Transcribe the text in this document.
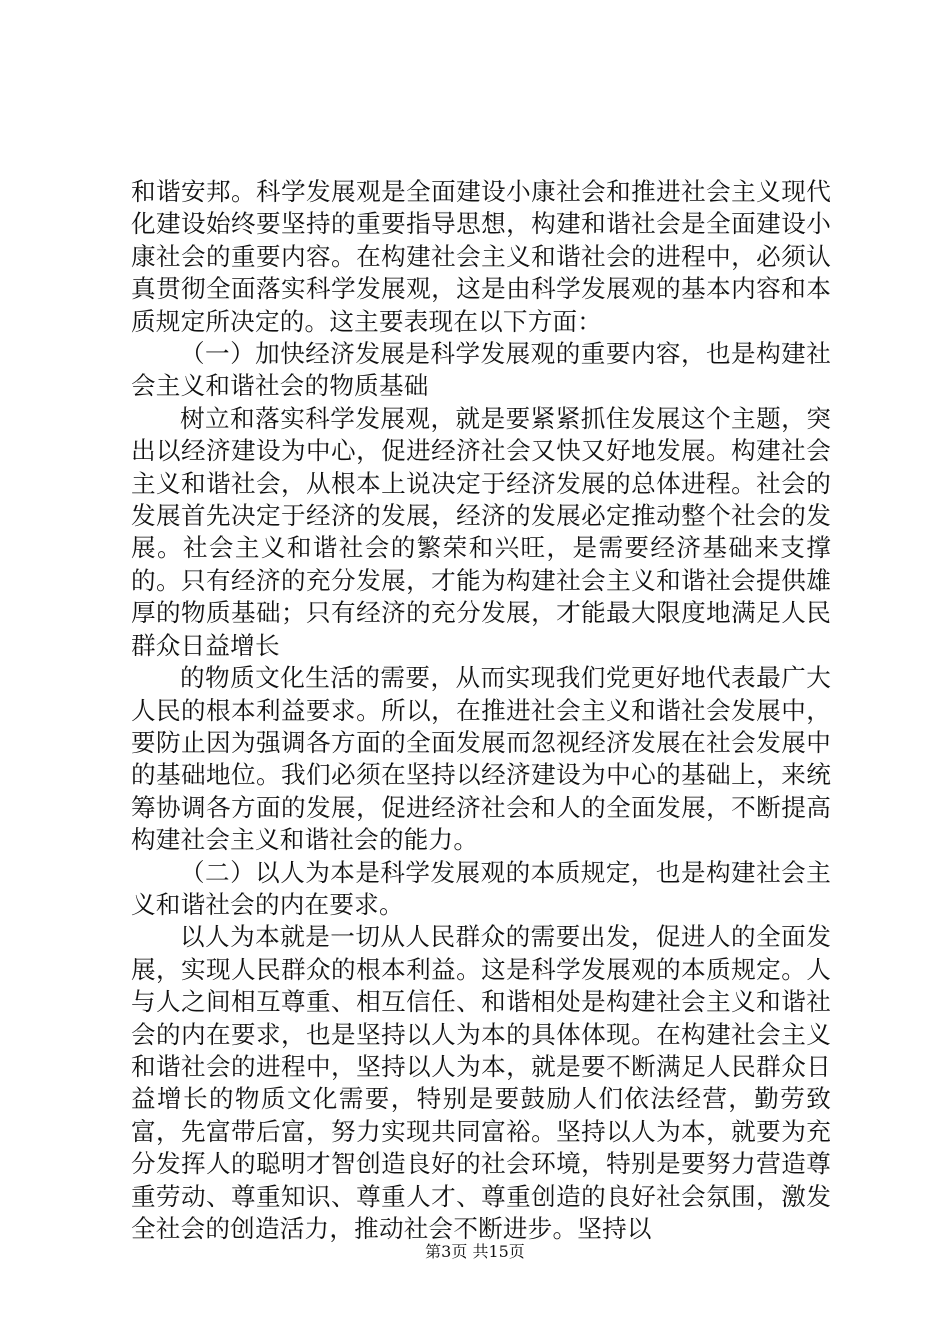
和谐安邦。科学发展观是全面建设小康社会和推进社会主义现代化建设始终要坚持的重要指导思想，构建和谐社会是全面建设小康社会的重要内容。在构建社会主义和谐社会的进程中，必须认真贯彻全面落实科学发展观，这是由科学发展观的基本内容和本质规定所决定的。这主要表现在以下方面：

（一）加快经济发展是科学发展观的重要内容，也是构建社会主义和谐社会的物质基础

树立和落实科学发展观，就是要紧紧抓住发展这个主题，突出以经济建设为中心，促进经济社会又快又好地发展。构建社会主义和谐社会，从根本上说决定于经济发展的总体进程。社会的发展首先决定于经济的发展，经济的发展必定推动整个社会的发展。社会主义和谐社会的繁荣和兴旺，是需要经济基础来支撑的。只有经济的充分发展，才能为构建社会主义和谐社会提供雄厚的物质基础；只有经济的充分发展，才能最大限度地满足人民群众日益增长

的物质文化生活的需要，从而实现我们党更好地代表最广大人民的根本利益要求。所以，在推进社会主义和谐社会发展中，要防止因为强调各方面的全面发展而忽视经济发展在社会发展中的基础地位。我们必须在坚持以经济建设为中心的基础上，来统筹协调各方面的发展，促进经济社会和人的全面发展，不断提高构建社会主义和谐社会的能力。

（二）以人为本是科学发展观的本质规定，也是构建社会主义和谐社会的内在要求。

以人为本就是一切从人民群众的需要出发，促进人的全面发展，实现人民群众的根本利益。这是科学发展观的本质规定。人与人之间相互尊重、相互信任、和谐相处是构建社会主义和谐社会的内在要求，也是坚持以人为本的具体体现。在构建社会主义和谐社会的进程中，坚持以人为本，就是要不断满足人民群众日益增长的物质文化需要，特别是要鼓励人们依法经营，勤劳致富，先富带后富，努力实现共同富裕。坚持以人为本，就要为充分发挥人的聪明才智创造良好的社会环境，特别是要努力营造尊重劳动、尊重知识、尊重人才、尊重创造的良好社会氛围，激发全社会的创造活力，推动社会不断进步。坚持以

第3页 共15页
